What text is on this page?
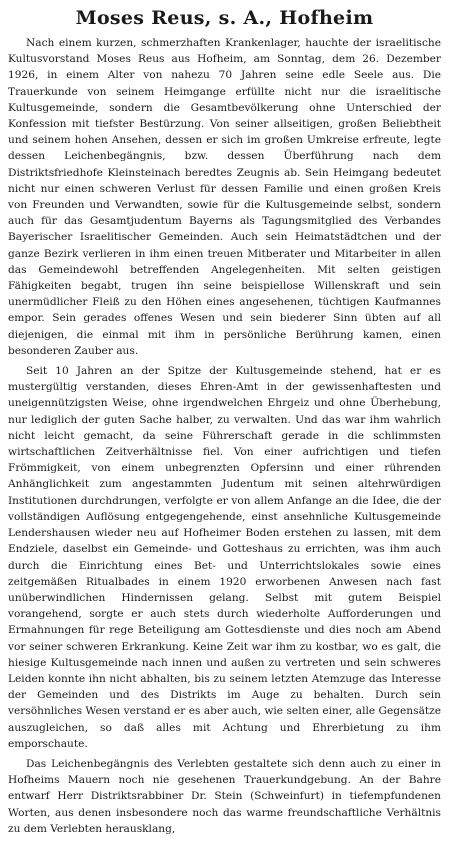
Moses Reus, s. A., Hofheim

Nach einem kurzen, schmerzhaften Krankenlager, hauchte der israelitische Kultusvorstand Moses Reus aus Hofheim, am Sonntag, dem 26. Dezember 1926, in einem Alter von nahezu 70 Jahren seine edle Seele aus. Die Trauerkunde von seinem Heimgange erfüllte nicht nur die israelitische Kultusgemeinde, sondern die Gesamtbevölkerung ohne Unterschied der Konfession mit tiefster Bestürzung. Von seiner allseitigen, großen Beliebtheit und seinem hohen Ansehen, dessen er sich im großen Umkreise erfreute, legte dessen Leichenbegängnis, bzw. dessen Überführung nach dem Distriktsfriedhofe Kleinsteinach beredtes Zeugnis ab. Sein Heimgang bedeutet nicht nur einen schweren Verlust für dessen Familie und einen großen Kreis von Freunden und Verwandten, sowie für die Kultusgemeinde selbst, sondern auch für das Gesamtjudentum Bayerns als Tagungsmitglied des Verbandes Bayerischer Israelitischer Gemeinden. Auch sein Heimatstädtchen und der ganze Bezirk verlieren in ihm einen treuen Mitberater und Mitarbeiter in allen das Gemeindewohl betreffenden Angelegenheiten. Mit selten geistigen Fähigkeiten begabt, trugen ihn seine beispiellose Willenskraft und sein unermüdlicher Fleiß zu den Höhen eines angesehenen, tüchtigen Kaufmannes empor. Sein gerades offenes Wesen und sein biederer Sinn übten auf all diejenigen, die einmal mit ihm in persönliche Berührung kamen, einen besonderen Zauber aus.

Seit 10 Jahren an der Spitze der Kultusgemeinde stehend, hat er es mustergültig verstanden, dieses Ehren-Amt in der gewissenhaftesten und uneigennützigsten Weise, ohne irgendwelchen Ehrgeiz und ohne Überhebung, nur lediglich der guten Sache halber, zu verwalten. Und das war ihm wahrlich nicht leicht gemacht, da seine Führerschaft gerade in die schlimmsten wirtschaftlichen Zeitverhältnisse fiel. Von einer aufrichtigen und tiefen Frömmigkeit, von einem unbegrenzten Opfersinn und einer rührenden Anhänglichkeit zum angestammten Judentum mit seinen altehrwürdigen Institutionen durchdrungen, verfolgte er von allem Anfange an die Idee, die der vollständigen Auflösung entgegengehende, einst ansehnliche Kultusgemeinde Lendershausen wieder neu auf Hofheimer Boden erstehen zu lassen, mit dem Endziele, daselbst ein Gemeinde- und Gotteshaus zu errichten, was ihm auch durch die Einrichtung eines Bet- und Unterrichtslokales sowie eines zeitgemäßen Ritualbades in einem 1920 erworbenen Anwesen nach fast unüberwindlichen Hindernissen gelang. Selbst mit gutem Beispiel vorangehend, sorgte er auch stets durch wiederholte Aufforderungen und Ermahnungen für rege Beteiligung am Gottesdienste und dies noch am Abend vor seiner schweren Erkrankung. Keine Zeit war ihm zu kostbar, wo es galt, die hiesige Kultusgemeinde nach innen und außen zu vertreten und sein schweres Leiden konnte ihn nicht abhalten, bis zu seinem letzten Atemzuge das Interesse der Gemeinden und des Distrikts im Auge zu behalten. Durch sein versöhnliches Wesen verstand er es aber auch, wie selten einer, alle Gegensätze auszugleichen, so daß alles mit Achtung und Ehrerbietung zu ihm emporschaute.

Das Leichenbegängnis des Verlebten gestaltete sich denn auch zu einer in Hofheims Mauern noch nie gesehenen Trauerkundgebung. An der Bahre entwarf Herr Distriktsrabbiner Dr. Stein (Schweinfurt) in tiefempfundenen Worten, aus denen insbesondere noch das warme freundschaftliche Verhältnis zu dem Verlebten herausklang,
